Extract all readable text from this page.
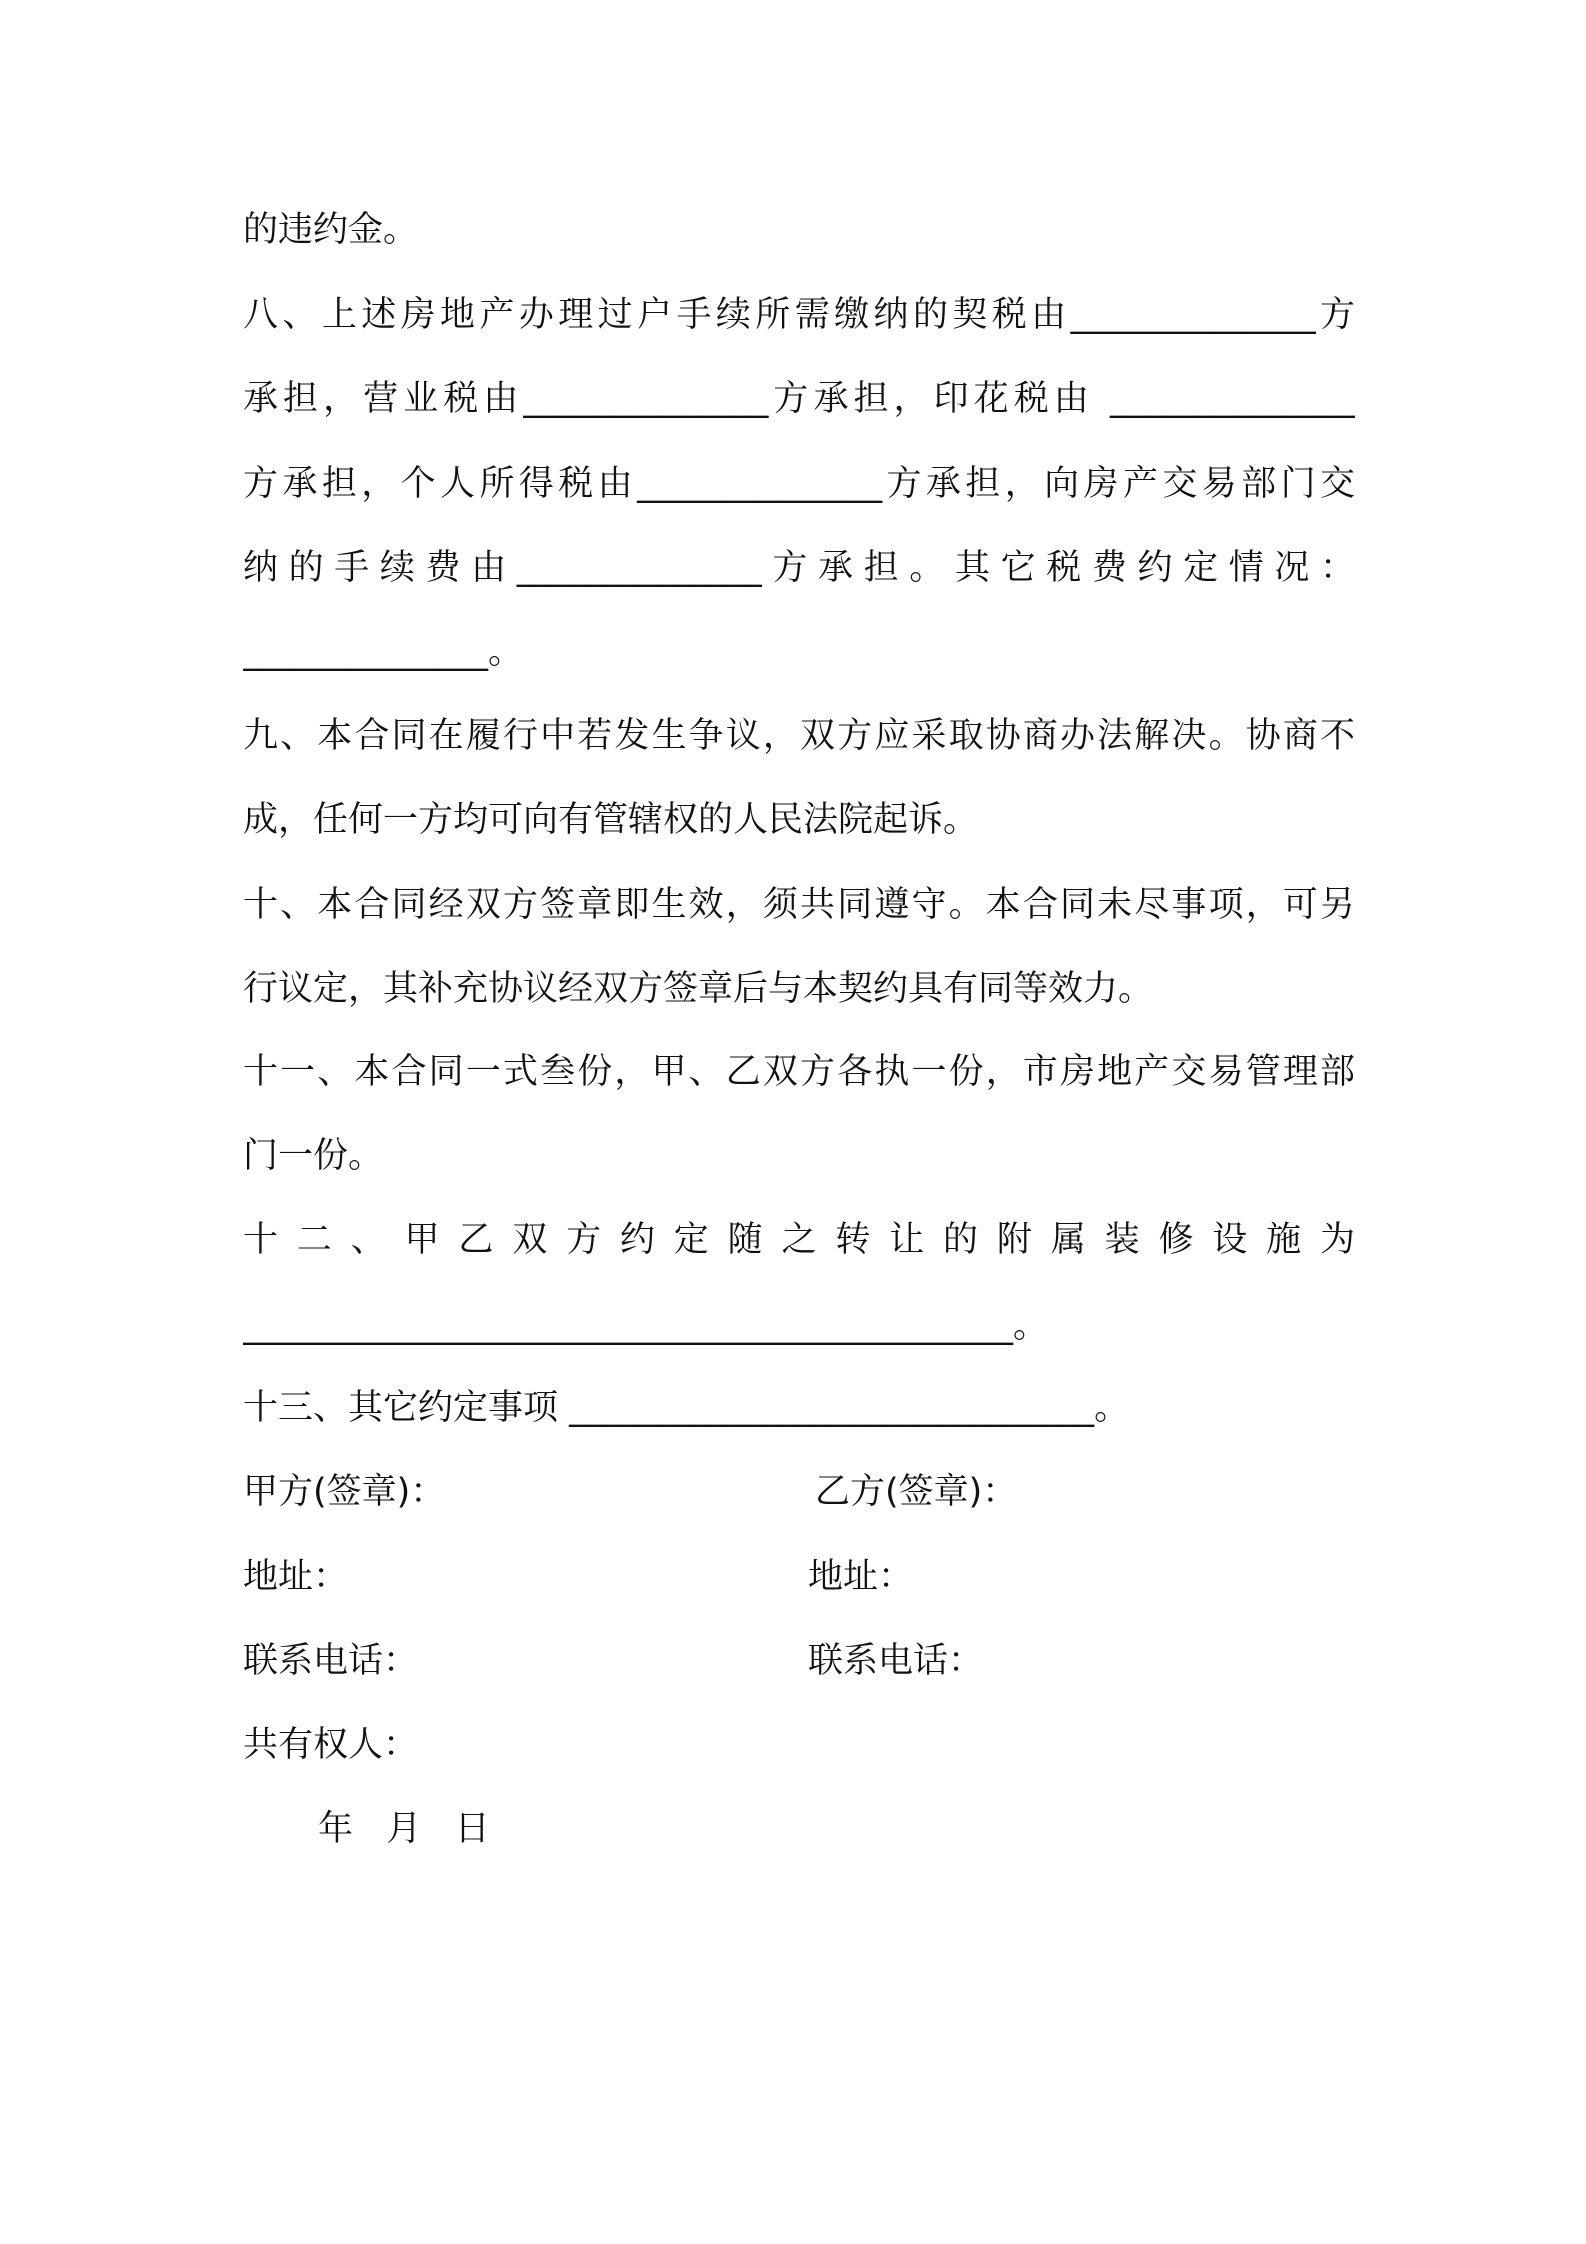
的违约金。
八、上述房地产办理过户手续所需缴纳的契税由______________方
承担，营业税由______________方承担，印花税由 ______________
方承担，个人所得税由______________方承担，向房产交易部门交
纳的手续费由______________方承担。其它税费约定情况：
______________。
九、本合同在履行中若发生争议，双方应采取协商办法解决。协商不
成，任何一方均可向有管辖权的人民法院起诉。
十、本合同经双方签章即生效，须共同遵守。本合同未尽事项，可另
行议定，其补充协议经双方签章后与本契约具有同等效力。
十一、本合同一式叁份，甲、乙双方各执一份，市房地产交易管理部
门一份。
十二、甲乙双方约定随之转让的附属装修设施为
____________________________________________。
十三、其它约定事项 ______________________________。
甲方(签章)：	乙方(签章)：
地址：	地址：
联系电话：	联系电话：
共有权人：
年   月   日
